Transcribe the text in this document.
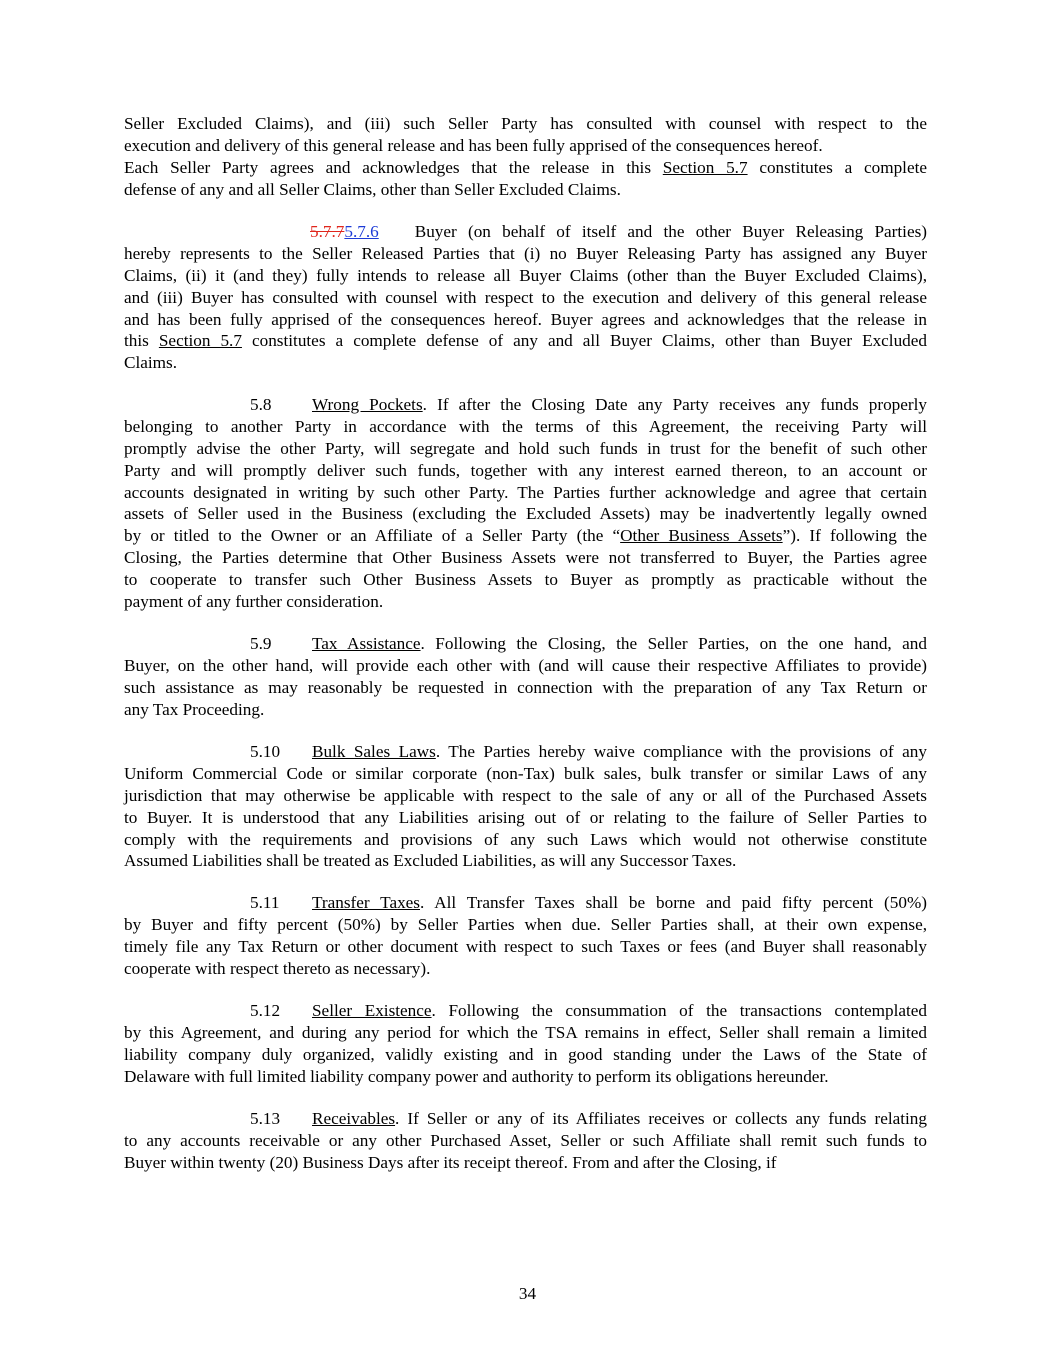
Seller Excluded Claims), and (iii) such Seller Party has consulted with counsel with respect to the
execution and delivery of this general release and has been fully apprised of the consequences hereof.
Each Seller Party agrees and acknowledges that the release in this Section 5.7 constitutes a complete
defense of any and all Seller Claims, other than Seller Excluded Claims.
5.7.75.7.6 Buyer (on behalf of itself and the other Buyer Releasing Parties)
hereby represents to the Seller Released Parties that (i) no Buyer Releasing Party has assigned any Buyer
Claims, (ii) it (and they) fully intends to release all Buyer Claims (other than the Buyer Excluded Claims),
and (iii) Buyer has consulted with counsel with respect to the execution and delivery of this general release
and has been fully apprised of the consequences hereof. Buyer agrees and acknowledges that the release in
this Section 5.7 constitutes a complete defense of any and all Buyer Claims, other than Buyer Excluded
Claims.
5.8 Wrong Pockets. If after the Closing Date any Party receives any funds properly
belonging to another Party in accordance with the terms of this Agreement, the receiving Party will
promptly advise the other Party, will segregate and hold such funds in trust for the benefit of such other
Party and will promptly deliver such funds, together with any interest earned thereon, to an account or
accounts designated in writing by such other Party. The Parties further acknowledge and agree that certain
assets of Seller used in the Business (excluding the Excluded Assets) may be inadvertently legally owned
by or titled to the Owner or an Affiliate of a Seller Party (the “Other Business Assets”). If following the
Closing, the Parties determine that Other Business Assets were not transferred to Buyer, the Parties agree
to cooperate to transfer such Other Business Assets to Buyer as promptly as practicable without the
payment of any further consideration.
5.9 Tax Assistance. Following the Closing, the Seller Parties, on the one hand, and
Buyer, on the other hand, will provide each other with (and will cause their respective Affiliates to provide)
such assistance as may reasonably be requested in connection with the preparation of any Tax Return or
any Tax Proceeding.
5.10 Bulk Sales Laws. The Parties hereby waive compliance with the provisions of any
Uniform Commercial Code or similar corporate (non-Tax) bulk sales, bulk transfer or similar Laws of any
jurisdiction that may otherwise be applicable with respect to the sale of any or all of the Purchased Assets
to Buyer. It is understood that any Liabilities arising out of or relating to the failure of Seller Parties to
comply with the requirements and provisions of any such Laws which would not otherwise constitute
Assumed Liabilities shall be treated as Excluded Liabilities, as will any Successor Taxes.
5.11 Transfer Taxes. All Transfer Taxes shall be borne and paid fifty percent (50%)
by Buyer and fifty percent (50%) by Seller Parties when due. Seller Parties shall, at their own expense,
timely file any Tax Return or other document with respect to such Taxes or fees (and Buyer shall reasonably
cooperate with respect thereto as necessary).
5.12 Seller Existence. Following the consummation of the transactions contemplated
by this Agreement, and during any period for which the TSA remains in effect, Seller shall remain a limited
liability company duly organized, validly existing and in good standing under the Laws of the State of
Delaware with full limited liability company power and authority to perform its obligations hereunder.
5.13 Receivables. If Seller or any of its Affiliates receives or collects any funds relating
to any accounts receivable or any other Purchased Asset, Seller or such Affiliate shall remit such funds to
Buyer within twenty (20) Business Days after its receipt thereof. From and after the Closing, if
34
